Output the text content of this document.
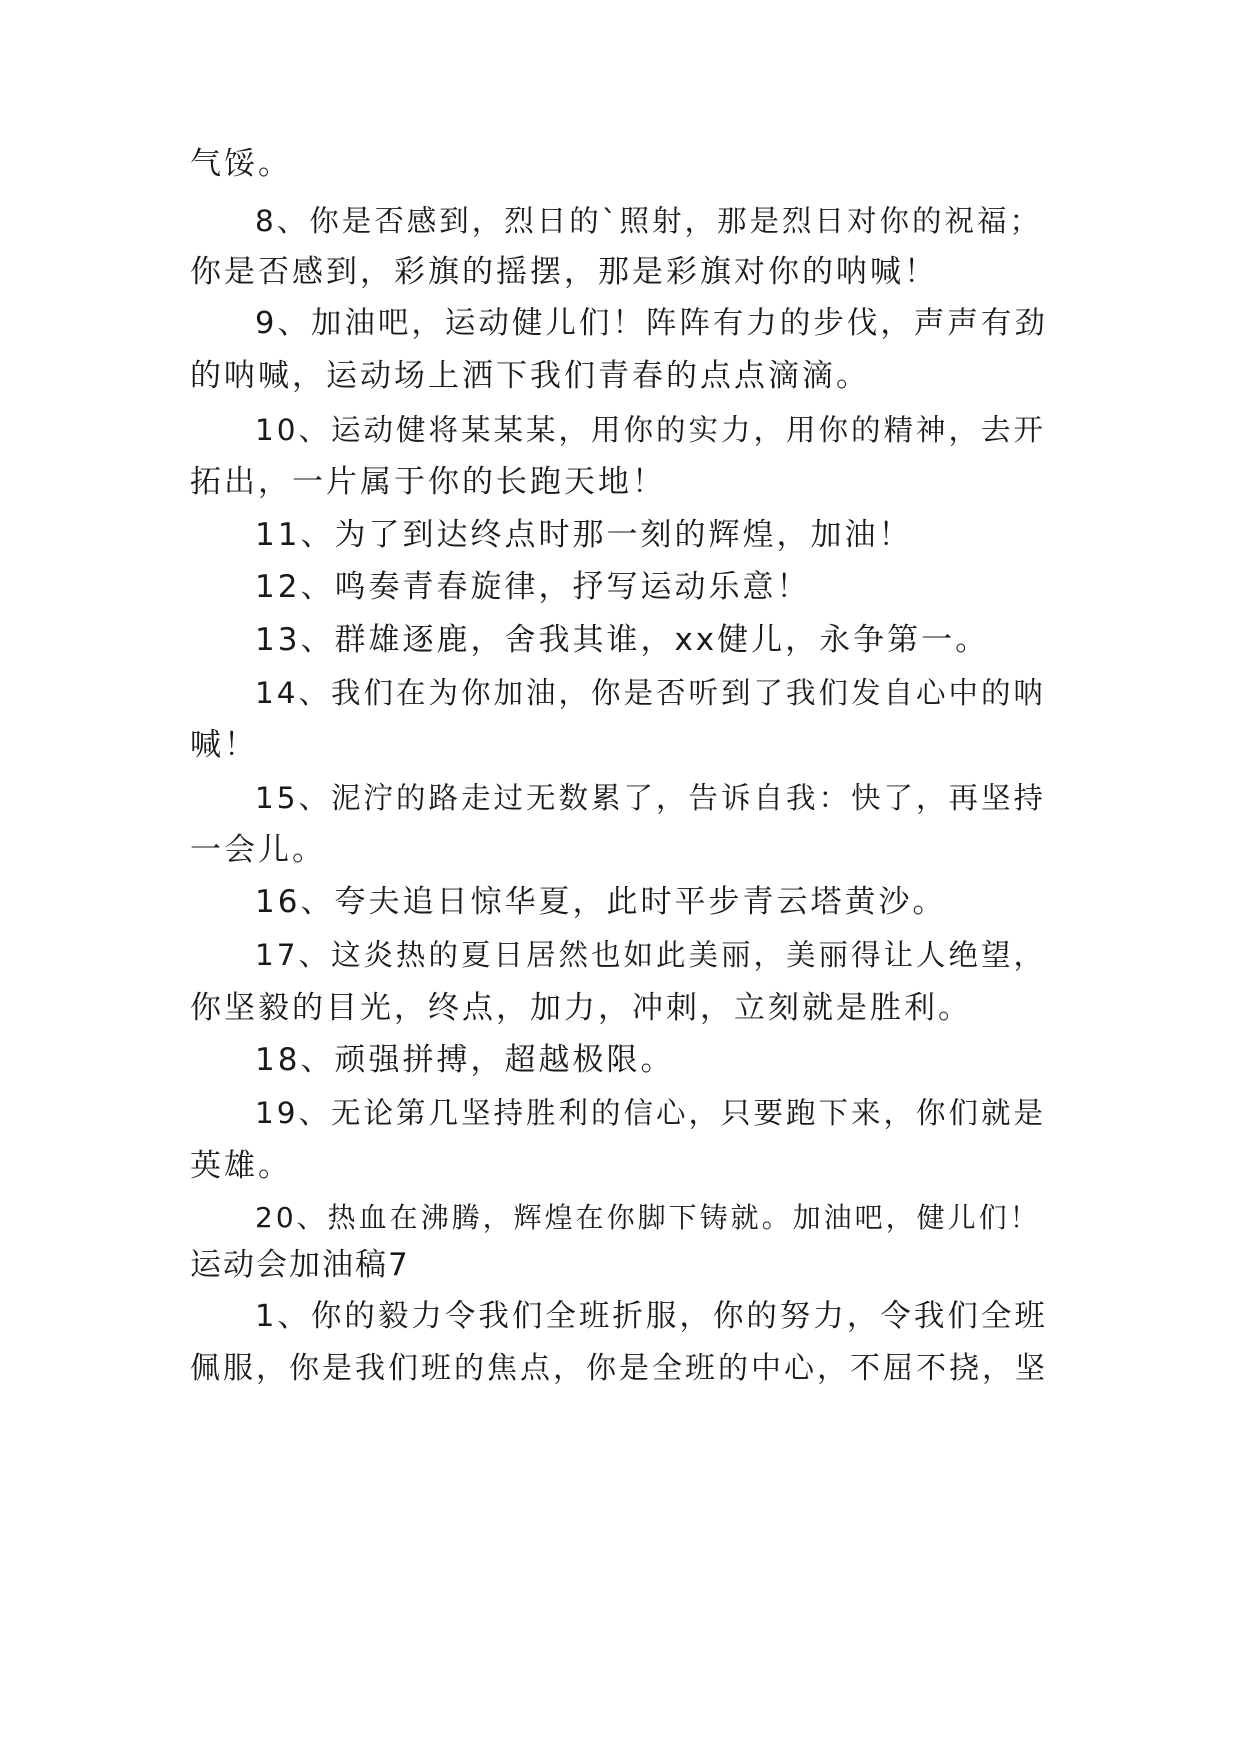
气馁。
8、你是否感到，烈日的`照射，那是烈日对你的祝福；
你是否感到，彩旗的摇摆，那是彩旗对你的呐喊！
9、加油吧，运动健儿们！阵阵有力的步伐，声声有劲
的呐喊，运动场上洒下我们青春的点点滴滴。
10、运动健将某某某，用你的实力，用你的精神，去开
拓出，一片属于你的长跑天地！
11、为了到达终点时那一刻的辉煌，加油！
12、鸣奏青春旋律，抒写运动乐意！
13、群雄逐鹿，舍我其谁，xx健儿，永争第一。
14、我们在为你加油，你是否听到了我们发自心中的呐
喊！
15、泥泞的路走过无数累了，告诉自我：快了，再坚持
一会儿。
16、夸夫追日惊华夏，此时平步青云塔黄沙。
17、这炎热的夏日居然也如此美丽，美丽得让人绝望，
你坚毅的目光，终点，加力，冲刺，立刻就是胜利。
18、顽强拼搏，超越极限。
19、无论第几坚持胜利的信心，只要跑下来，你们就是
英雄。
20、热血在沸腾，辉煌在你脚下铸就。加油吧，健儿们！
运动会加油稿7
1、你的毅力令我们全班折服，你的努力，令我们全班
佩服，你是我们班的焦点，你是全班的中心，不屈不挠，坚
